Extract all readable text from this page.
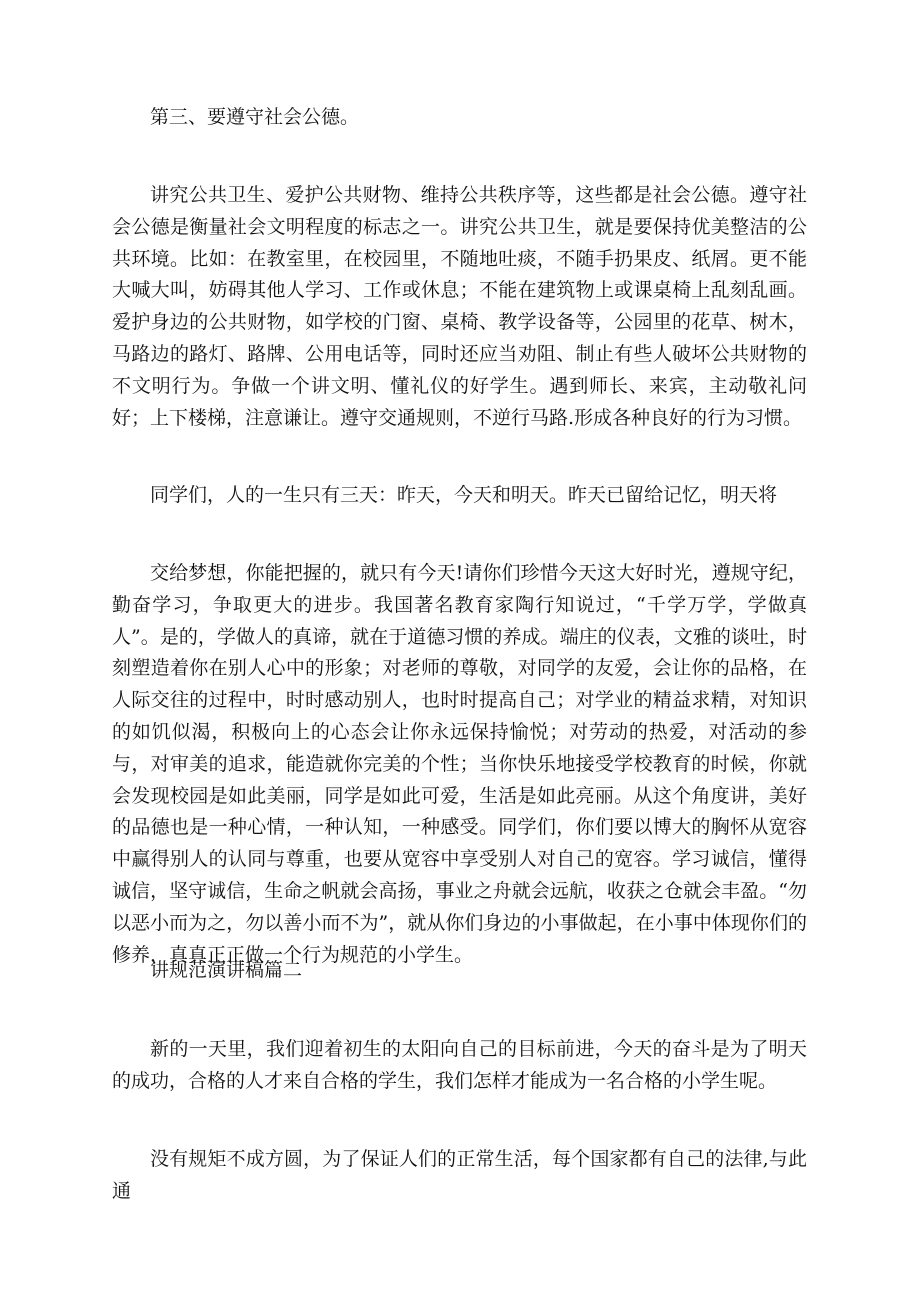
第三、要遵守社会公德。

讲究公共卫生、爱护公共财物、维持公共秩序等，这些都是社会公德。遵守社会公德是衡量社会文明程度的标志之一。讲究公共卫生，就是要保持优美整洁的公共环境。比如：在教室里，在校园里，不随地吐痰，不随手扔果皮、纸屑。更不能大喊大叫，妨碍其他人学习、工作或休息；不能在建筑物上或课桌椅上乱刻乱画。爱护身边的公共财物，如学校的门窗、桌椅、教学设备等，公园里的花草、树木，马路边的路灯、路牌、公用电话等，同时还应当劝阻、制止有些人破坏公共财物的不文明行为。争做一个讲文明、懂礼仪的好学生。遇到师长、来宾，主动敬礼问好；上下楼梯，注意谦让。遵守交通规则，不逆行马路.形成各种良好的行为习惯。

同学们，人的一生只有三天：昨天，今天和明天。昨天已留给记忆，明天将

交给梦想，你能把握的，就只有今天!请你们珍惜今天这大好时光，遵规守纪，勤奋学习，争取更大的进步。我国著名教育家陶行知说过，“千学万学，学做真人”。是的，学做人的真谛，就在于道德习惯的养成。端庄的仪表，文雅的谈吐，时刻塑造着你在别人心中的形象；对老师的尊敬，对同学的友爱，会让你的品格，在人际交往的过程中，时时感动别人，也时时提高自己；对学业的精益求精，对知识的如饥似渴，积极向上的心态会让你永远保持愉悦；对劳动的热爱，对活动的参与，对审美的追求，能造就你完美的个性；当你快乐地接受学校教育的时候，你就会发现校园是如此美丽，同学是如此可爱，生活是如此亮丽。从这个角度讲，美好的品德也是一种心情，一种认知，一种感受。同学们，你们要以博大的胸怀从宽容中赢得别人的认同与尊重，也要从宽容中享受别人对自己的宽容。学习诚信，懂得诚信，坚守诚信，生命之帆就会高扬，事业之舟就会远航，收获之仓就会丰盈。“勿以恶小而为之，勿以善小而不为”，就从你们身边的小事做起，在小事中体现你们的修养，真真正正做一个行为规范的小学生。

讲规范演讲稿篇二

新的一天里，我们迎着初生的太阳向自己的目标前进，今天的奋斗是为了明天的成功，合格的人才来自合格的学生，我们怎样才能成为一名合格的小学生呢。

没有规矩不成方圆，为了保证人们的正常生活，每个国家都有自己的法律,与此通
